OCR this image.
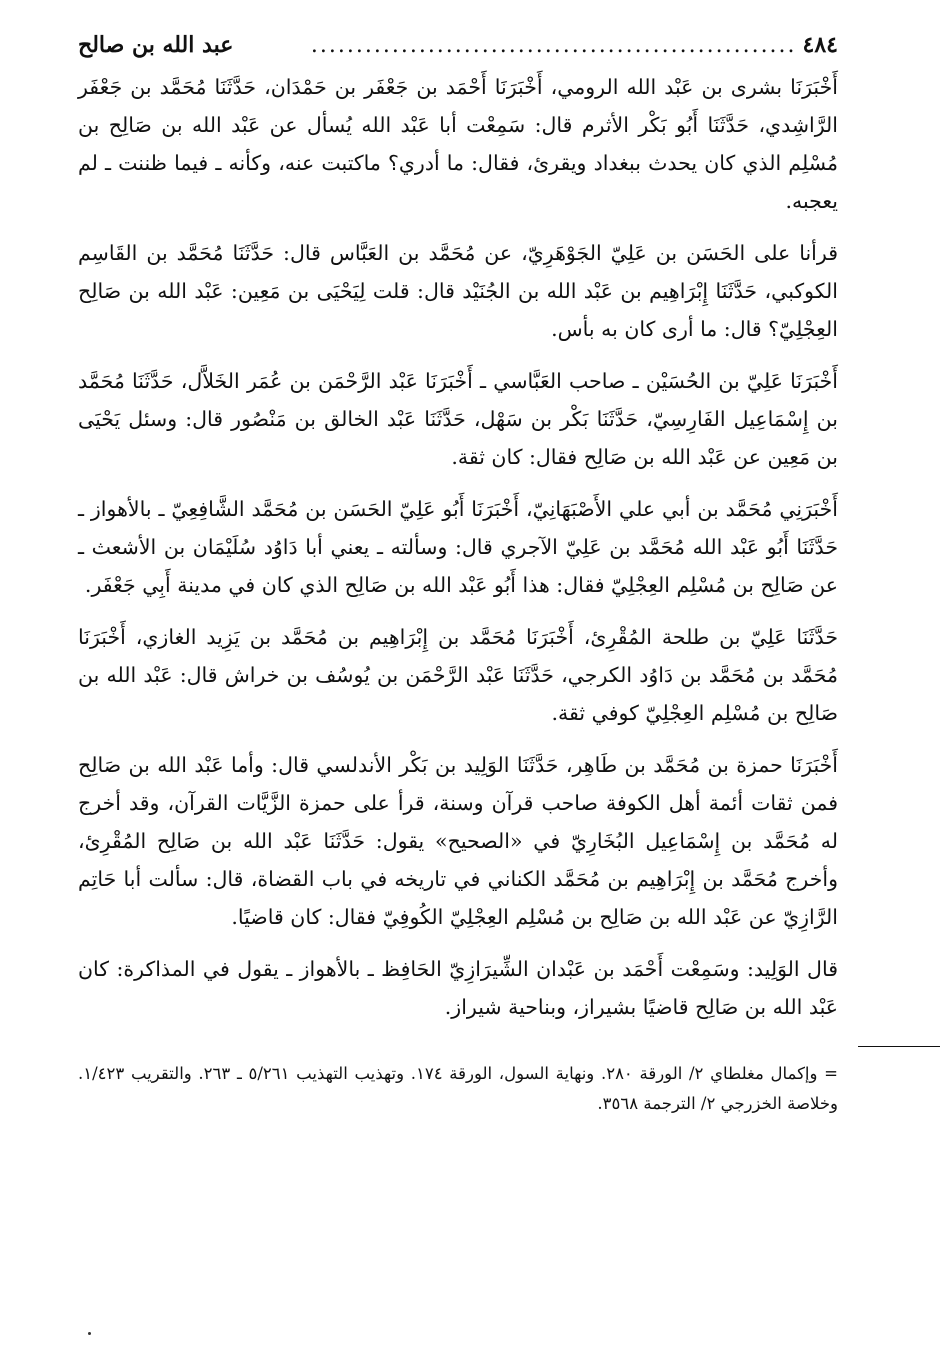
٤٨٤
......................................................
عبد الله بن صالح

أَخْبَرَنَا بشرى بن عَبْد الله الرومي، أَخْبَرَنَا أَحْمَد بن جَعْفَر بن حَمْدَان، حَدَّثَنَا مُحَمَّد بن جَعْفَر الرَّاشِدي، حَدَّثَنَا أَبُو بَكْر الأثرم قال: سَمِعْت أبا عَبْد الله يُسأل عن عَبْد الله بن صَالِح بن مُسْلِم الذي كان يحدث ببغداد ويقرئ، فقال: ما أدري؟ ماكتبت عنه، وكأنه ـ فيما ظننت ـ لم يعجبه.

قرأنا على الحَسَن بن عَلِيّ الجَوْهَرِيّ، عن مُحَمَّد بن العَبَّاس قال: حَدَّثَنَا مُحَمَّد بن القَاسِم الكوكبي، حَدَّثَنَا إِبْرَاهِيم بن عَبْد الله بن الجُنَيْد قال: قلت لِيَحْيَى بن مَعِين: عَبْد الله بن صَالِح العِجْلِيّ؟ قال: ما أرى كان به بأس.

أَخْبَرَنَا عَلِيّ بن الحُسَيْن ـ صاحب العَبَّاسي ـ أَخْبَرَنَا عَبْد الرَّحْمَن بن عُمَر الخَلاَّل، حَدَّثَنَا مُحَمَّد بن إِسْمَاعِيل الفَارِسِيّ، حَدَّثَنَا بَكْر بن سَهْل، حَدَّثَنَا عَبْد الخالق بن مَنْصُور قال: وسئل يَحْيَى بن مَعِين عن عَبْد الله بن صَالِح فقال: كان ثقة.

أَخْبَرَنِي مُحَمَّد بن أبي علي الأَصْبَهَانِيّ، أَخْبَرَنَا أَبُو عَلِيّ الحَسَن بن مُحَمَّد الشَّافِعِيّ ـ بالأهواز ـ حَدَّثَنَا أَبُو عَبْد الله مُحَمَّد بن عَلِيّ الآجري قال: وسألته ـ يعني أبا دَاوُد سُلَيْمَان بن الأشعث ـ عن صَالِح بن مُسْلِم العِجْلِيّ فقال: هذا أَبُو عَبْد الله بن صَالِح الذي كان في مدينة أَبِي جَعْفَر.

حَدَّثَنَا عَلِيّ بن طلحة المُقْرِئ، أَخْبَرَنَا مُحَمَّد بن إِبْرَاهِيم بن مُحَمَّد بن يَزِيد الغازي، أَخْبَرَنَا مُحَمَّد بن مُحَمَّد بن دَاوُد الكرجي، حَدَّثَنَا عَبْد الرَّحْمَن بن يُوسُف بن خراش قال: عَبْد الله بن صَالِح بن مُسْلِم العِجْلِيّ كوفي ثقة.

أَخْبَرَنَا حمزة بن مُحَمَّد بن طَاهِر، حَدَّثَنَا الوَلِيد بن بَكْر الأندلسي قال: وأما عَبْد الله بن صَالِح فمن ثقات أئمة أهل الكوفة صاحب قرآن وسنة، قرأ على حمزة الزَّيَّات القرآن، وقد أخرج له مُحَمَّد بن إِسْمَاعِيل البُخَارِيّ في «الصحيح» يقول: حَدَّثَنَا عَبْد الله بن صَالِح المُقْرِئ، وأخرج مُحَمَّد بن إِبْرَاهِيم بن مُحَمَّد الكناني في تاريخه في باب القضاة، قال: سألت أبا حَاتِم الرَّازِيّ عن عَبْد الله بن صَالِح بن مُسْلِم العِجْلِيّ الكُوفِيّ فقال: كان قاضيًا.

قال الوَلِيد: وسَمِعْت أَحْمَد بن عَبْدان الشِّيرَازِيّ الحَافِظ ـ بالأهواز ـ يقول في المذاكرة: كان عَبْد الله بن صَالِح قاضيًا بشيراز، وبناحية شيراز.

= وإكمال مغلطاي ٢/ الورقة ٢٨٠. ونهاية السول، الورقة ١٧٤. وتهذيب التهذيب ٥/٢٦١ ـ ٢٦٣. والتقريب ١/٤٢٣. وخلاصة الخزرجي ٢/ الترجمة ٣٥٦٨.
